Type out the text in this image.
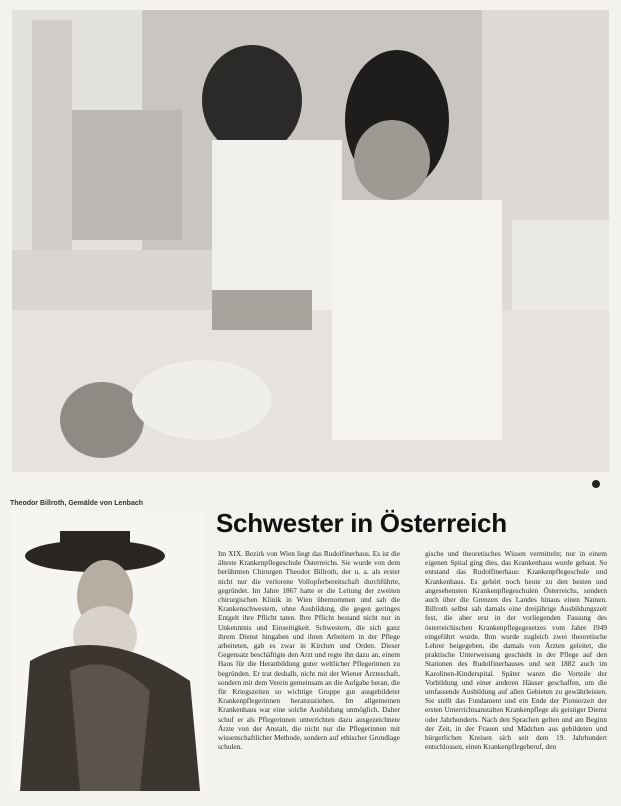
Theodor Billroth, Gemälde von Lenbach
Schwester in Österreich
Im XIX. Bezirk von Wien liegt das Rudolfinerhaus. Es ist die älteste Krankenpflegeschule Österreichs. Sie wurde von dem berühmten Chirurgen Theodor Billroth, der u. a. als erster nicht nur die verlorene Vollopferbereitschaft durchführte, gegründet. Im Jahre 1867 hatte er die Leitung der zweiten chirurgischen Klinik in Wien übernommen und sah die Krankenschwestern, ohne Ausbildung, die gegen geringes Entgelt ihre Pflicht taten. Ihre Pflicht bestand nicht nur in Unkenntnis und Einseitigkeit. Schwestern, die sich ganz ihrem Dienst hingaben und ihren Arbeitern in der Pflege arbeiteten, gab es zwar in Kirchen und Orden. Dieser Gegensatz beschäftigte den Arzt und regte ihn dazu an, einem Haus für die Heranbildung guter weltlicher Pflegerinnen zu begründen. Er trat deshalb, nicht mit der Wiener Ärzteschaft, sondern mit dem Verein gemeinsam an die Aufgabe heran, die für Kriegszeiten so wichtige Gruppe gut ausgebildeter Krankenpflegerinnen heranzuziehen. Im allgemeinen Krankenhaus war eine solche Ausbildung unmöglich. Daher schuf er als Pflegerinnen unterrichten dazu ausgezeichnete Ärzte von der Anstalt, die nicht nur die Pflegerinnen mit wissenschaftlicher Methode, sondern auf ethischer Grundlage schulen.
gische und theoretisches Wissen vermitteln; nur in einem eigenen Spital ging dies, das Krankenhaus wurde gebaut. So entstand das Rudolfinerhaus: Krankenpflegeschule und Krankenhaus. Es gehört noch heute zu den besten und angesehensten Krankenpflegeschulen Österreichs, sondern auch über die Grenzen des Landes hinaus einen Namen. Billroth selbst sah damals eine dreijährige Ausbildungszeit fest, die aber erst in der vorliegenden Fassung des österreichischen Krankenpflegegesetzes vom Jahre 1949 eingeführt wurde. Ihm wurde zugleich zwei theoretische Lehrer beigegeben, die damals von Ärzten geleitet, die praktische Unterweisung geschieht in der Pflege auf den Stationen des Rudolfinerhauses und seit 1882 auch im Karolinen-Kinderspital. Später waren die Vorteile der Vorbildung und einer anderen Häuser geschaffen, um die umfassende Ausbildung auf allen Gebieten zu gewährleisten. Sie stellt das Fundament und ein Ende der Pionierzeit der ersten Unterrichtsanstalten Krankenpflege als geistiger Dienst oder Jahrhunderts. Nach den Sprachen gelten und am Beginn der Zeit, in der Frauen und Mädchen aus gebildeten und bürgerlichen Kreisen sich seit dem 19. Jahrhundert entschlossen, einen Krankenpflegeberuf, den
